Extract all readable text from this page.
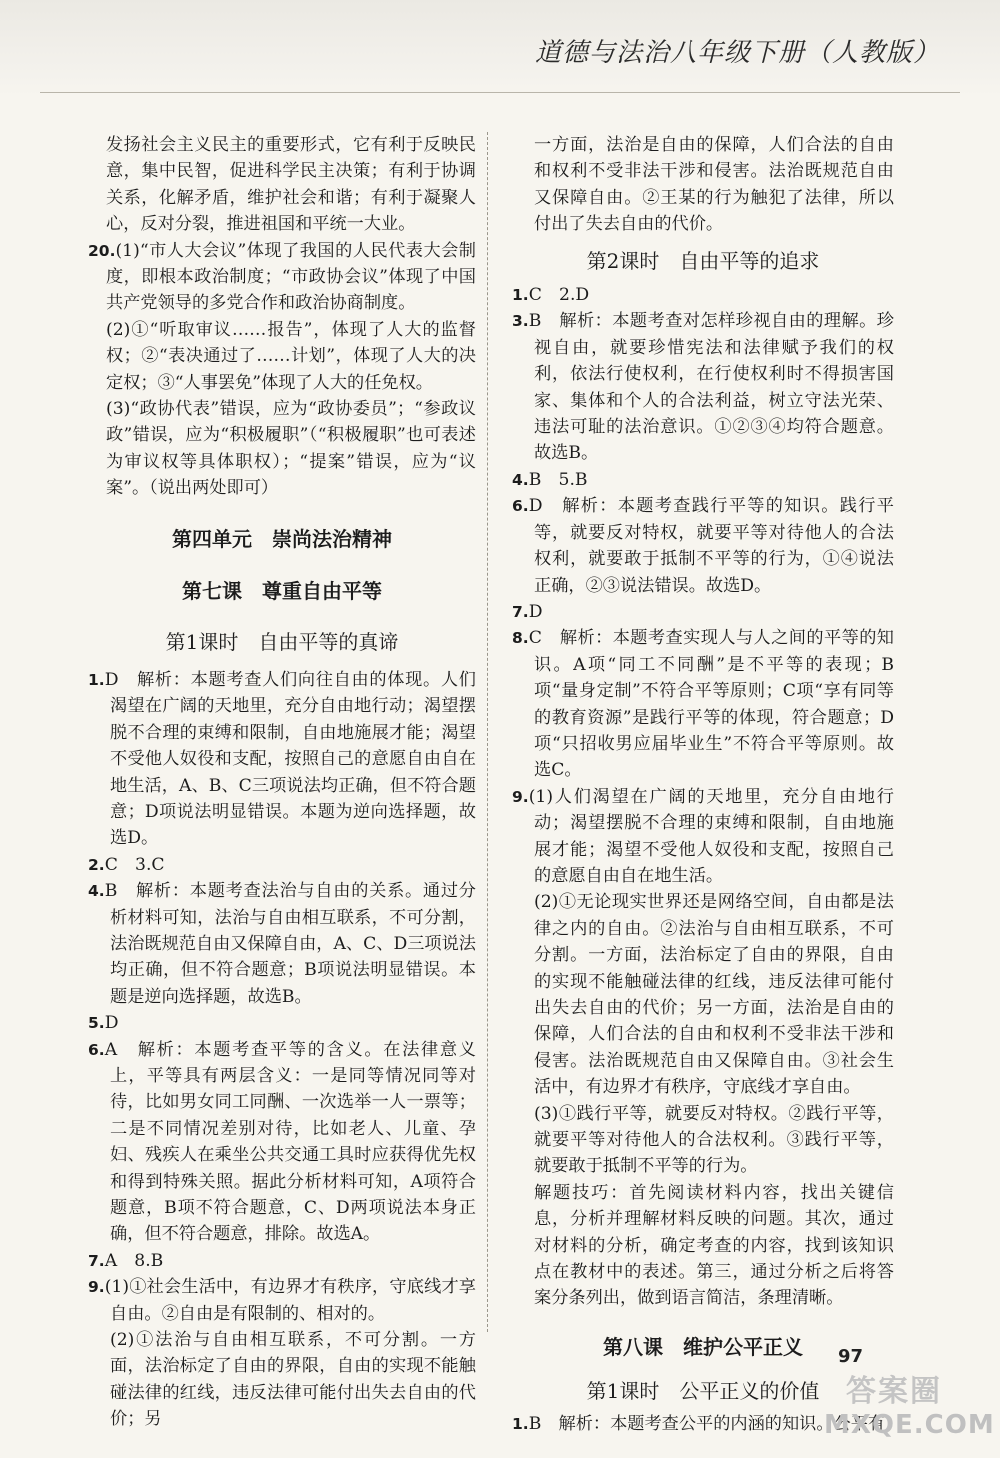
道德与法治八年级下册（人教版）

发扬社会主义民主的重要形式，它有利于反映民意，集中民智，促进科学民主决策；有利于协调关系，化解矛盾，维护社会和谐；有利于凝聚人心，反对分裂，推进祖国和平统一大业。

20.(1)“市人大会议”体现了我国的人民代表大会制度，即根本政治制度；“市政协会议”体现了中国共产党领导的多党合作和政治协商制度。

(2)①“听取审议……报告”，体现了人大的监督权；②“表决通过了……计划”，体现了人大的决定权；③“人事罢免”体现了人大的任免权。

(3)“政协代表”错误，应为“政协委员”；“参政议政”错误，应为“积极履职”（“积极履职”也可表述为审议权等具体职权）；“提案”错误，应为“议案”。（说出两处即可）

第四单元　崇尚法治精神

第七课　尊重自由平等

第1课时　自由平等的真谛

1.D　解析：本题考查人们向往自由的体现。人们渴望在广阔的天地里，充分自由地行动；渴望摆脱不合理的束缚和限制，自由地施展才能；渴望不受他人奴役和支配，按照自己的意愿自由自在地生活，A、B、C三项说法均正确，但不符合题意；D项说法明显错误。本题为逆向选择题，故选D。

2.C　3.C

4.B　解析：本题考查法治与自由的关系。通过分析材料可知，法治与自由相互联系，不可分割，法治既规范自由又保障自由，A、C、D三项说法均正确，但不符合题意；B项说法明显错误。本题是逆向选择题，故选B。

5.D

6.A　解析：本题考查平等的含义。在法律意义上，平等具有两层含义：一是同等情况同等对待，比如男女同工同酬、一次选举一人一票等；二是不同情况差别对待，比如老人、儿童、孕妇、残疾人在乘坐公共交通工具时应获得优先权和得到特殊关照。据此分析材料可知，A项符合题意，B项不符合题意，C、D两项说法本身正确，但不符合题意，排除。故选A。

7.A　8.B

9.(1)①社会生活中，有边界才有秩序，守底线才享自由。②自由是有限制的、相对的。

(2)①法治与自由相互联系，不可分割。一方面，法治标定了自由的界限，自由的实现不能触碰法律的红线，违反法律可能付出失去自由的代价；另

一方面，法治是自由的保障，人们合法的自由和权利不受非法干涉和侵害。法治既规范自由又保障自由。②王某的行为触犯了法律，所以付出了失去自由的代价。

第2课时　自由平等的追求

1.C　2.D

3.B　解析：本题考查对怎样珍视自由的理解。珍视自由，就要珍惜宪法和法律赋予我们的权利，依法行使权利，在行使权利时不得损害国家、集体和个人的合法利益，树立守法光荣、违法可耻的法治意识。①②③④均符合题意。故选B。

4.B　5.B

6.D　解析：本题考查践行平等的知识。践行平等，就要反对特权，就要平等对待他人的合法权利，就要敢于抵制不平等的行为，①④说法正确，②③说法错误。故选D。

7.D

8.C　解析：本题考查实现人与人之间的平等的知识。A项“同工不同酬”是不平等的表现；B项“量身定制”不符合平等原则；C项“享有同等的教育资源”是践行平等的体现，符合题意；D项“只招收男应届毕业生”不符合平等原则。故选C。

9.(1)人们渴望在广阔的天地里，充分自由地行动；渴望摆脱不合理的束缚和限制，自由地施展才能；渴望不受他人奴役和支配，按照自己的意愿自由自在地生活。

(2)①无论现实世界还是网络空间，自由都是法律之内的自由。②法治与自由相互联系，不可分割。一方面，法治标定了自由的界限，自由的实现不能触碰法律的红线，违反法律可能付出失去自由的代价；另一方面，法治是自由的保障，人们合法的自由和权利不受非法干涉和侵害。法治既规范自由又保障自由。③社会生活中，有边界才有秩序，守底线才享自由。

(3)①践行平等，就要反对特权。②践行平等，就要平等对待他人的合法权利。③践行平等，就要敢于抵制不平等的行为。

解题技巧：首先阅读材料内容，找出关键信息，分析并理解材料反映的问题。其次，通过对材料的分析，确定考查的内容，找到该知识点在教材中的表述。第三，通过分析之后将答案分条列出，做到语言简洁，条理清晰。

第八课　维护公平正义

第1课时　公平正义的价值

1.B　解析：本题考查公平的内涵的知识。公平有

97
答案圈
MXQE.COM
